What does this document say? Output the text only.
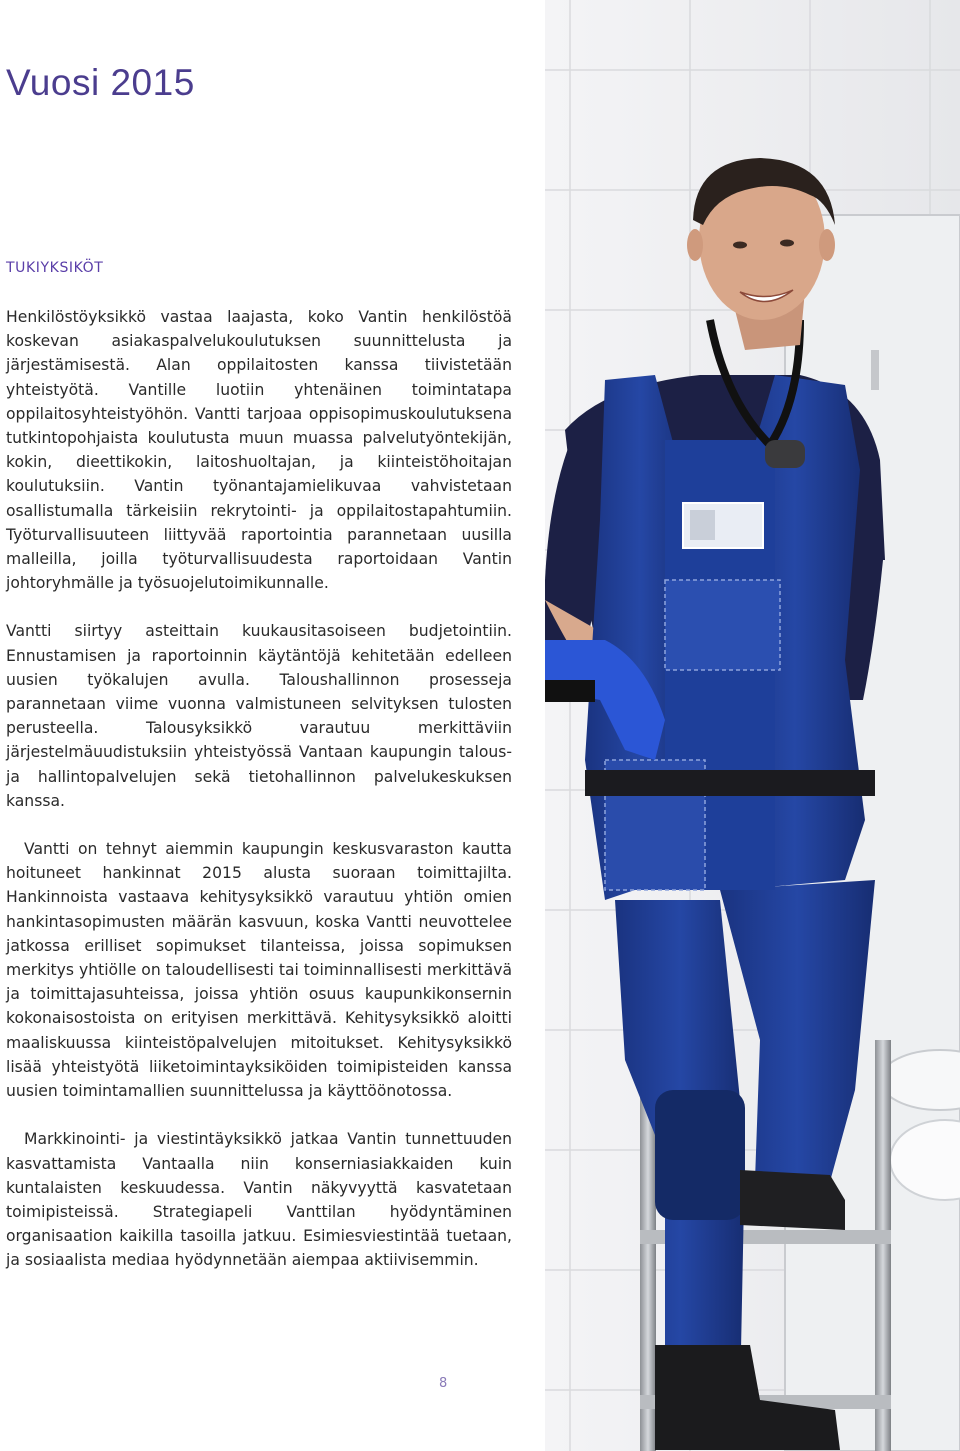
Vuosi 2015
TUKIYKSIKÖT

Henkilöstöyksikkö vastaa laajasta, koko Vantin henkilöstöä koskevan asiakaspalvelukoulutuksen suunnittelusta ja järjestämisestä. Alan oppilaitosten kanssa tiivistetään yhteistyötä. Vantille luotiin yhtenäinen toimintatapa oppilaitosyhteistyöhön. Vantti tarjoaa oppisopimuskoulutuksena tutkintopohjaista koulutusta muun muassa palvelutyöntekijän, kokin, dieettikokin, laitoshuoltajan, ja kiinteistöhoitajan koulutuksiin. Vantin työnantajamielikuvaa vahvistetaan osallistumalla tärkeisiin rekrytointi- ja oppilaitostapahtumiin. Työturvallisuuteen liittyvää raportointia parannetaan uusilla malleilla, joilla työturvallisuudesta raportoidaan Vantin johtoryhmälle ja työsuojelutoimikunnalle.

Vantti siirtyy asteittain kuukausitasoiseen budjetointiin. Ennustamisen ja raportoinnin käytäntöjä kehitetään edelleen uusien työkalujen avulla. Taloushallinnon prosesseja parannetaan viime vuonna valmistuneen selvityksen tulosten perusteella. Talousyksikkö varautuu merkittäviin järjestelmäuudistuksiin yhteistyössä Vantaan kaupungin talous- ja hallintopalvelujen sekä tietohallinnon palvelukeskuksen kanssa.

Vantti on tehnyt aiemmin kaupungin keskusvaraston kautta hoituneet hankinnat 2015 alusta suoraan toimittajilta. Hankinnoista vastaava kehitysyksikkö varautuu yhtiön omien hankintasopimusten määrän kasvuun, koska Vantti neuvottelee jatkossa erilliset sopimukset tilanteissa, joissa sopimuksen merkitys yhtiölle on taloudellisesti tai toiminnallisesti merkittävä ja toimittajasuhteissa, joissa yhtiön osuus kaupunkikonsernin kokonaisostoista on erityisen merkittävä. Kehitysyksikkö aloitti maaliskuussa kiinteistöpalvelujen mitoitukset. Kehitysyksikkö lisää yhteistyötä liiketoimintayksiköiden toimipisteiden kanssa uusien toimintamallien suunnittelussa ja käyttöönotossa.

Markkinointi- ja viestintäyksikkö jatkaa Vantin tunnettuuden kasvattamista Vantaalla niin konserniasiakkaiden kuin kuntalaisten keskuudessa. Vantin näkyvyyttä kasvatetaan toimipisteissä. Strategiapeli Vanttilan hyödyntäminen organisaation kaikilla tasoilla jatkuu. Esimiesviestintää tuetaan, ja sosiaalista mediaa hyödynnetään aiempaa aktiivisemmin.

8
